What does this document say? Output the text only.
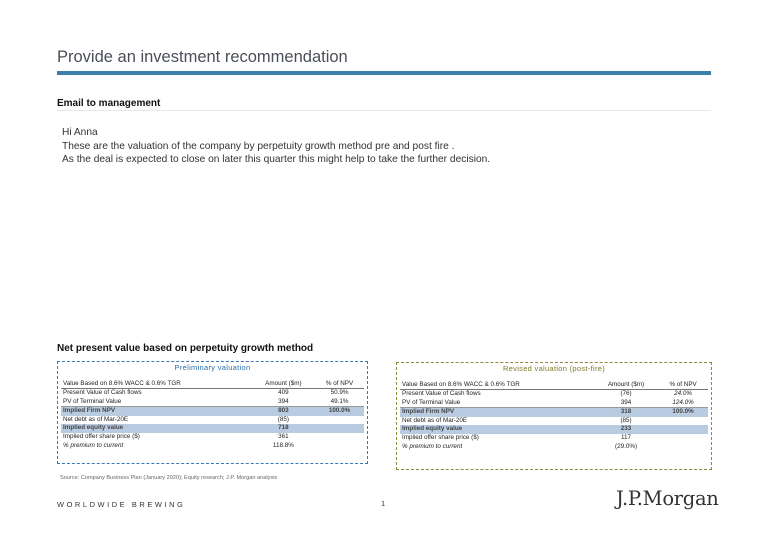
Provide an investment recommendation
Email to management
Hi Anna
These are the valuation of the company by perpetuity growth method pre and post fire .
As the deal is expected to close on later this quarter this might help to take the further decision.
Net present value based on perpetuity growth method
Preliminary valuation

Value Based on 8.6% WACC & 0.6% TGR	Amount ($m)	% of NPV
Present Value of Cash flows	409	50.9%
PV of Terminal Value	394	49.1%
Implied Firm NPV	803	100.0%
Net debt as of Mar-20E	(85)	
Implied equity value	718	
Implied offer share price ($)	361	
% premium to current	118.8%	
Revised valuation (post-fire)

Value Based on 8.6% WACC & 0.6% TGR	Amount ($m)	% of NPV
Present Value of Cash flows	(76)	24.0%
PV of Terminal Value	394	124.0%
Implied Firm NPV	318	100.0%
Net debt as of Mar-20E	(85)	
Implied equity value	233	
Implied offer share price ($)	117	
% premium to current	(29.0%)	
Source: Company Business Plan (January 2020); Equity research; J.P. Morgan analysis
WORLDWIDE BREWING	1	J.P.Morgan
